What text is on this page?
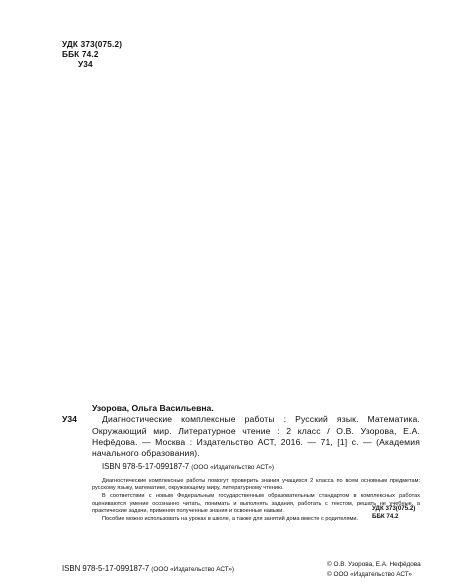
УДК 373(075.2)
ББК 74.2
У34
Узорова, Ольга Васильевна.
У34	Диагностические комплексные работы : Русский язык. Математика. Окружающий мир. Литературное чтение : 2 класс / О.В. Узорова, Е.А. Нефёдова. — Москва : Издательство АСТ, 2016. — 71, [1] с. — (Академия начального образования).
ISBN 978-5-17-099187-7 (ООО «Издательство АСТ»)

Диагностические комплексные работы помогут проверить знания учащихся 2 класса по всем основным предметам: русскому языку, математике, окружающему миру, литературному чтению.

В соответствии с новым Федеральным государственным образовательным стандартом в комплексных работах оцениваются умение осознанно читать, понимать и выполнять задания, работать с текстом, решать не учебные, а практические задачи, применяя полученные знания и освоенные навыки.

Пособие можно использовать на уроках в школе, а также для занятий дома вместе с родителями.

УДК 373(075.2)
ББК 74.2
ISBN 978-5-17-099187-7 (ООО «Издательство АСТ»)
© О.В. Узорова, Е.А. Нефёдова
© ООО «Издательство АСТ»
